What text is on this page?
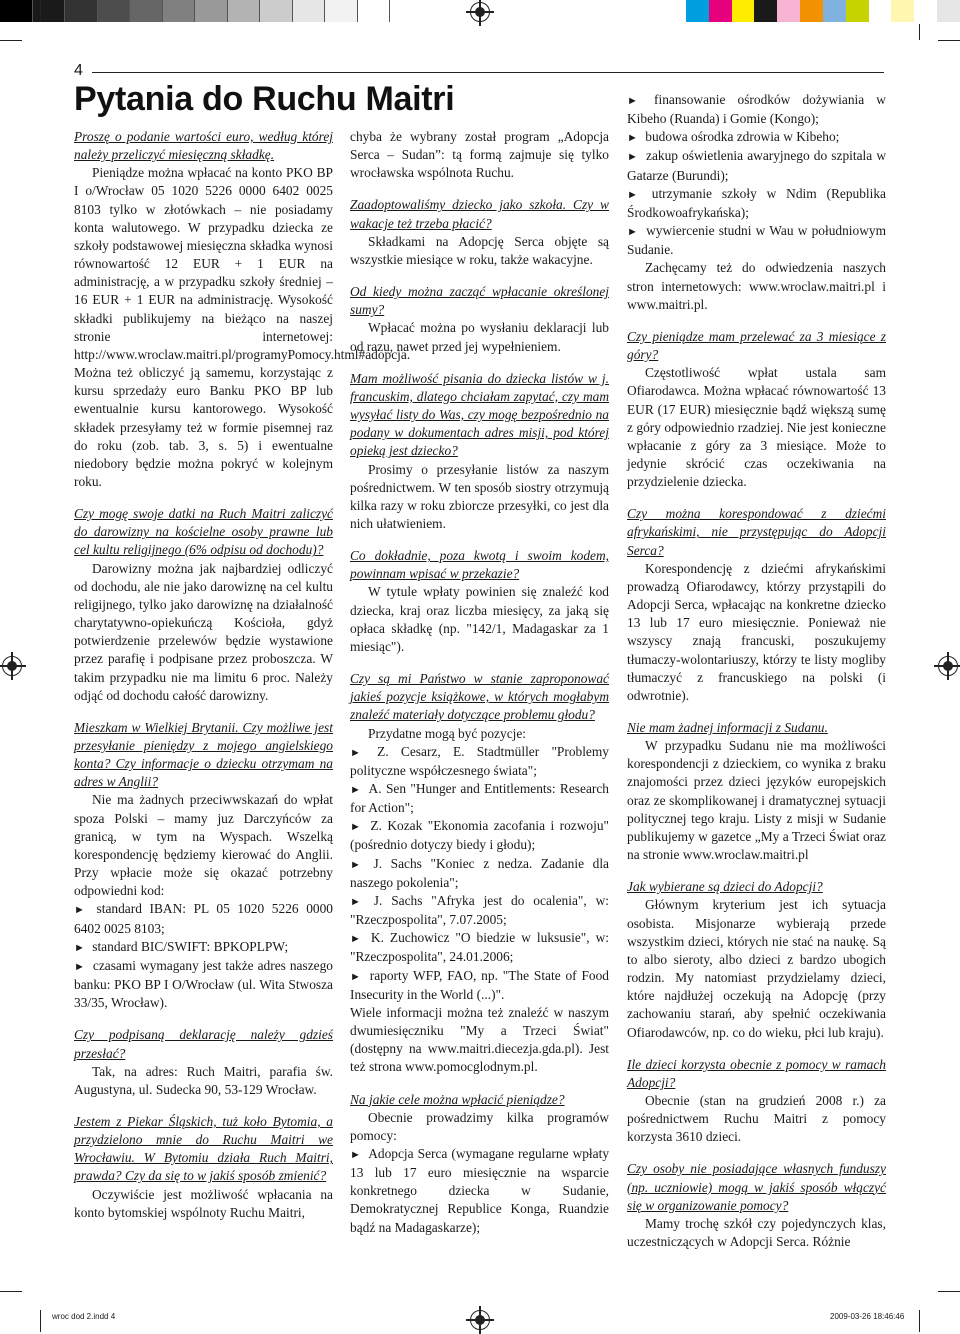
4
Pytania do Ruchu Maitri

Proszę o podanie wartości euro, według której należy przeliczyć miesięczną składkę.

Pieniądze można wpłacać na konto PKO BP I o/Wrocław 05 1020 5226 0000 6402 0025 8103 tylko w złotówkach – nie posiadamy konta walutowego. W przypadku dziecka ze szkoły podstawowej miesięczna składka wynosi równowartość 12 EUR + 1 EUR na administrację, a w przypadku szkoły średniej – 16 EUR + 1 EUR na administrację. Wysokość składki publikujemy na bieżąco na naszej stronie internetowej: http://www.wroclaw.maitri.pl/programyPomocy.html#adopcja. Można też obliczyć ją samemu, korzystając z kursu sprzedaży euro Banku PKO BP lub ewentualnie kursu kantorowego. Wysokość składek przesyłamy też w formie pisemnej raz do roku (zob. tab. 3, s. 5) i ewentualne niedobory będzie można pokryć w kolejnym roku.

Czy mogę swoje datki na Ruch Maitri zaliczyć do darowizny na kościelne osoby prawne lub cel kultu religijnego (6% odpisu od dochodu)?

Darowizny można jak najbardziej odliczyć od dochodu, ale nie jako darowiznę na cel kultu religijnego, tylko jako darowiznę na działalność charytatywno-opiekuńczą Kościoła, gdyż potwierdzenie przelewów będzie wystawione przez parafię i podpisane przez proboszcza. W takim przypadku nie ma limitu 6 proc. Należy odjąć od dochodu całość darowizny.

Mieszkam w Wielkiej Brytanii. Czy możliwe jest przesyłanie pieniędzy z mojego angielskiego konta? Czy informacje o dziecku otrzymam na adres w Anglii?

Nie ma żadnych przeciwwskazań do wpłat spoza Polski – mamy juz Darczyńców za granicą, w tym na Wyspach. Wszelką korespondencję będziemy kierować do Anglii. Przy wpłacie może się okazać potrzebny odpowiedni kod:

► standard IBAN: PL 05 1020 5226 0000 6402 0025 8103;

► standard BIC/SWIFT: BPKOPLPW;

► czasami wymagany jest także adres naszego banku: PKO BP I O/Wrocław (ul. Wita Stwosza 33/35, Wrocław).

Czy podpisaną deklarację należy gdzieś przesłać?

Tak, na adres: Ruch Maitri, parafia św. Augustyna, ul. Sudecka 90, 53-129 Wrocław.

Jestem z Piekar Śląskich, tuż koło Bytomia, a przydzielono mnie do Ruchu Maitri we Wrocławiu. W Bytomiu działa Ruch Maitri, prawda? Czy da się to w jakiś sposób zmienić?

Oczywiście jest możliwość wpłacania na konto bytomskiej wspólnoty Ruchu Maitri,

chyba że wybrany został program „Adopcja Serca – Sudan”: tą formą zajmuje się tylko wrocławska wspólnota Ruchu.

Zaadoptowaliśmy dziecko jako szkoła. Czy w wakacje też trzeba płacić?

Składkami na Adopcję Serca objęte są wszystkie miesiące w roku, także wakacyjne.

Od kiedy można zacząć wpłacanie określonej sumy?

Wpłacać można po wysłaniu deklaracji lub od razu, nawet przed jej wypełnieniem.

Mam możliwość pisania do dziecka listów w j. francuskim, dlatego chciałam zapytać, czy mam wysyłać listy do Was, czy mogę bezpośrednio na podany w dokumentach adres misji, pod której opieką jest dziecko?

Prosimy o przesyłanie listów za naszym pośrednictwem. W ten sposób siostry otrzymują kilka razy w roku zbiorcze przesyłki, co jest dla nich ułatwieniem.

Co dokładnie, poza kwotą i swoim kodem, powinnam wpisać w przekazie?

W tytule wpłaty powinien się znaleźć kod dziecka, kraj oraz liczba miesięcy, za jaką się opłaca składkę (np. "142/1, Madagaskar za 1 miesiąc").

Czy są mi Państwo w stanie zaproponować jakieś pozycje książkowe, w których mogłabym znaleźć materiały dotyczące problemu głodu?

Przydatne mogą być pozycje:

► Z. Cesarz, E. Stadtmüller "Problemy polityczne współczesnego świata";

► A. Sen "Hunger and Entitlements: Research for Action";

► Z. Kozak "Ekonomia zacofania i rozwoju" (pośrednio dotyczy biedy i głodu);

► J. Sachs "Koniec z nedza. Zadanie dla naszego pokolenia";

► J. Sachs "Afryka jest do ocalenia", w: "Rzeczpospolita", 7.07.2005;

► K. Zuchowicz "O biedzie w luksusie", w: "Rzeczpospolita", 24.01.2006;

► raporty WFP, FAO, np. "The State of Food Insecurity in the World (...)".

Wiele informacji można też znaleźć w naszym dwumiesięczniku "My a Trzeci Świat" (dostępny na www.maitri.diecezja.gda.pl). Jest też strona www.pomocglodnym.pl.

Na jakie cele można wpłacić pieniądze?

Obecnie prowadzimy kilka programów pomocy:

► Adopcja Serca (wymagane regularne wpłaty 13 lub 17 euro miesięcznie na wsparcie konkretnego dziecka w Sudanie, Demokratycznej Republice Konga, Ruandzie bądź na Madagaskarze);

► finansowanie ośrodków dożywiania w Kibeho (Ruanda) i Gomie (Kongo);

► budowa ośrodka zdrowia w Kibeho;

► zakup oświetlenia awaryjnego do szpitala w Gatarze (Burundi);

► utrzymanie szkoły w Ndim (Republika Środkowoafrykańska);

► wywiercenie studni w Wau w południowym Sudanie.

Zachęcamy też do odwiedzenia naszych stron internetowych: www.wroclaw.maitri.pl i www.maitri.pl.

Czy pieniądze mam przelewać za 3 miesiące z góry?

Częstotliwość wpłat ustala sam Ofiarodawca. Można wpłacać równowartość 13 EUR (17 EUR) miesięcznie bądź większą sumę z góry odpowiednio rzadziej. Nie jest konieczne wpłacanie z góry za 3 miesiące. Może to jedynie skrócić czas oczekiwania na przydzielenie dziecka.

Czy można korespondować z dziećmi afrykańskimi, nie przystępując do Adopcji Serca?

Korespondencję z dziećmi afrykańskimi prowadzą Ofiarodawcy, którzy przystąpili do Adopcji Serca, wpłacając na konkretne dziecko 13 lub 17 euro miesięcznie. Ponieważ nie wszyscy znają francuski, poszukujemy tłumaczy-wolontariuszy, którzy te listy mogliby tłumaczyć z francuskiego na polski (i odwrotnie).

Nie mam żadnej informacji z Sudanu.

W przypadku Sudanu nie ma możliwości korespondencji z dzieckiem, co wynika z braku znajomości przez dzieci języków europejskich oraz ze skomplikowanej i dramatycznej sytuacji politycznej tego kraju. Listy z misji w Sudanie publikujemy w gazetce „My a Trzeci Świat oraz na stronie www.wroclaw.maitri.pl

Jak wybierane są dzieci do Adopcji?

Głównym kryterium jest ich sytuacja osobista. Misjonarze wybierają przede wszystkim dzieci, których nie stać na naukę. Są to albo sieroty, albo dzieci z bardzo ubogich rodzin. My natomiast przydzielamy dzieci, które najdłużej oczekują na Adopcję (przy zachowaniu starań, aby spełnić oczekiwania Ofiarodawców, np. co do wieku, płci lub kraju).

Ile dzieci korzysta obecnie z pomocy w ramach Adopcji?

Obecnie (stan na grudzień 2008 r.) za pośrednictwem Ruchu Maitri z pomocy korzysta 3610 dzieci.

Czy osoby nie posiadające własnych funduszy (np. uczniowie) mogą w jakiś sposób włączyć się w organizowanie pomocy?

Mamy trochę szkół czy pojedynczych klas, uczestniczących w Adopcji Serca. Różnie

wroc dod 2.indd 4	2009-03-26 18:46:46
